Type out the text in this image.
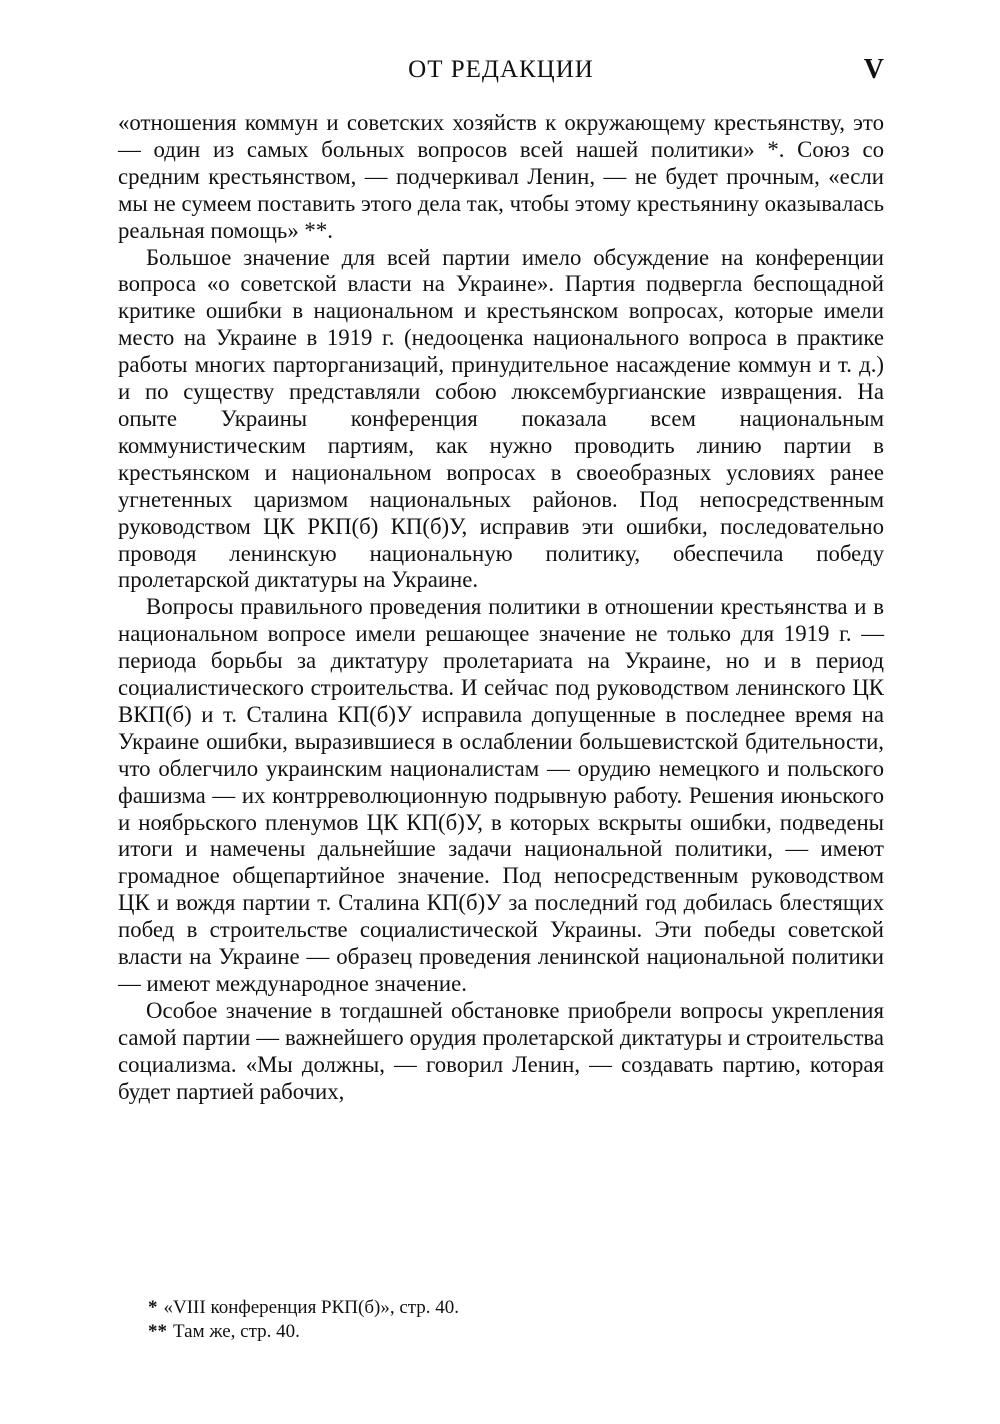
ОТ РЕДАКЦИИ	V

«отношения коммун и советских хозяйств к окружающему крестьянству, это — один из самых больных вопросов всей нашей политики» *. Союз со средним крестьянством, — подчеркивал Ленин, — не будет прочным, «если мы не сумеем поставить этого дела так, чтобы этому крестьянину оказывалась реальная помощь» **.

Большое значение для всей партии имело обсуждение на конференции вопроса «о советской власти на Украине». Партия подвергла беспощадной критике ошибки в национальном и крестьянском вопросах, которые имели место на Украине в 1919 г. (недооценка национального вопроса в практике работы многих парторганизаций, принудительное насаждение коммун и т. д.) и по существу представляли собою люксембургианские извращения. На опыте Украины конференция показала всем национальным коммунистическим партиям, как нужно проводить линию партии в крестьянском и национальном вопросах в своеобразных условиях ранее угнетенных царизмом национальных районов. Под непосредственным руководством ЦК РКП(б) КП(б)У, исправив эти ошибки, последовательно проводя ленинскую национальную политику, обеспечила победу пролетарской диктатуры на Украине.

Вопросы правильного проведения политики в отношении крестьянства и в национальном вопросе имели решающее значение не только для 1919 г. — периода борьбы за диктатуру пролетариата на Украине, но и в период социалистического строительства. И сейчас под руководством ленинского ЦК ВКП(б) и т. Сталина КП(б)У исправила допущенные в последнее время на Украине ошибки, выразившиеся в ослаблении большевистской бдительности, что облегчило украинским националистам — орудию немецкого и польского фашизма — их контрреволюционную подрывную работу. Решения июньского и ноябрьского пленумов ЦК КП(б)У, в которых вскрыты ошибки, подведены итоги и намечены дальнейшие задачи национальной политики, — имеют громадное общепартийное значение. Под непосредственным руководством ЦК и вождя партии т. Сталина КП(б)У за последний год добилась блестящих побед в строительстве социалистической Украины. Эти победы советской власти на Украине — образец проведения ленинской национальной политики — имеют международное значение.

Особое значение в тогдашней обстановке приобрели вопросы укрепления самой партии — важнейшего орудия пролетарской диктатуры и строительства социализма. «Мы должны, — говорил Ленин, — создавать партию, которая будет партией рабочих,

* «VIII конференция РКП(б)», стр. 40.

** Там же, стр. 40.
